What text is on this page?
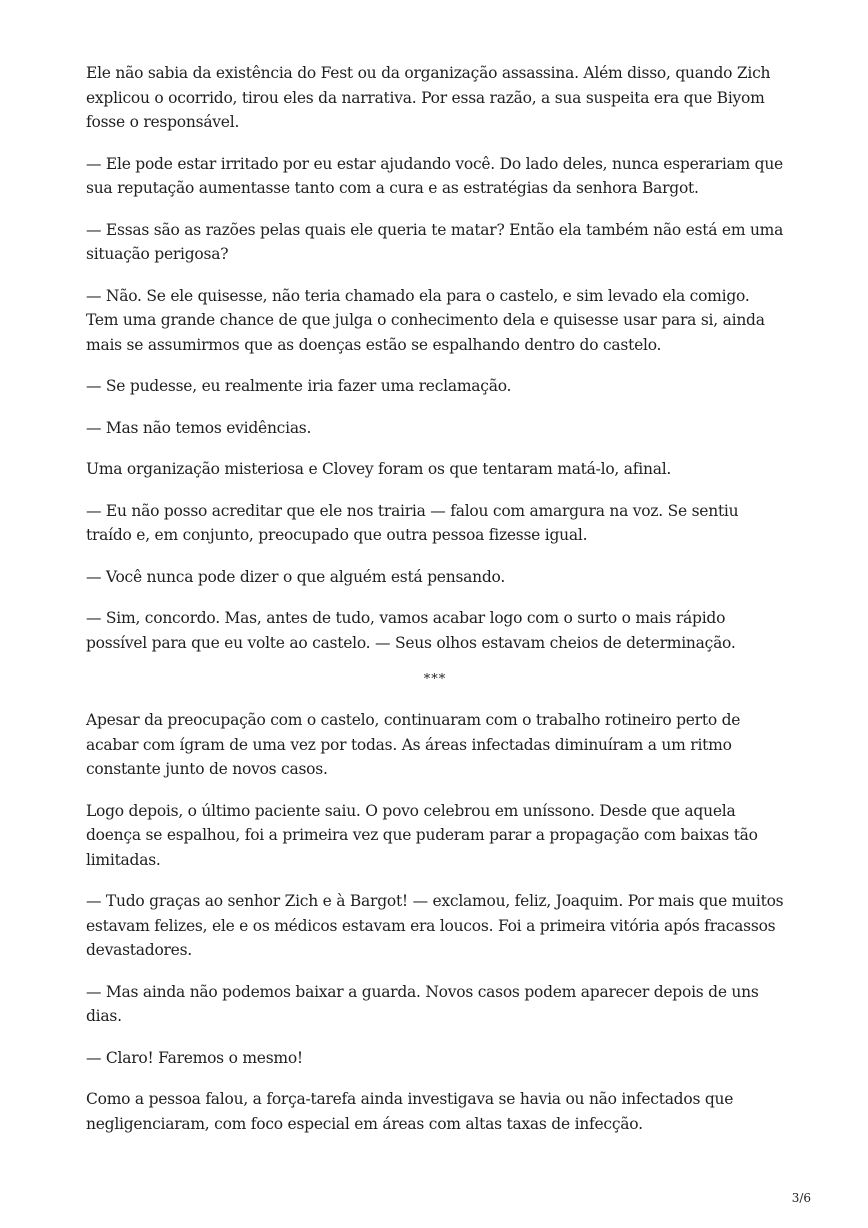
Ele não sabia da existência do Fest ou da organização assassina. Além disso, quando Zich explicou o ocorrido, tirou eles da narrativa. Por essa razão, a sua suspeita era que Biyom fosse o responsável.

— Ele pode estar irritado por eu estar ajudando você. Do lado deles, nunca esperariam que sua reputação aumentasse tanto com a cura e as estratégias da senhora Bargot.

— Essas são as razões pelas quais ele queria te matar? Então ela também não está em uma situação perigosa?

— Não. Se ele quisesse, não teria chamado ela para o castelo, e sim levado ela comigo. Tem uma grande chance de que julga o conhecimento dela e quisesse usar para si, ainda mais se assumirmos que as doenças estão se espalhando dentro do castelo.

— Se pudesse, eu realmente iria fazer uma reclamação.

— Mas não temos evidências.

Uma organização misteriosa e Clovey foram os que tentaram matá-lo, afinal.

— Eu não posso acreditar que ele nos trairia — falou com amargura na voz. Se sentiu traído e, em conjunto, preocupado que outra pessoa fizesse igual.

— Você nunca pode dizer o que alguém está pensando.

— Sim, concordo. Mas, antes de tudo, vamos acabar logo com o surto o mais rápido possível para que eu volte ao castelo. — Seus olhos estavam cheios de determinação.

***

Apesar da preocupação com o castelo, continuaram com o trabalho rotineiro perto de acabar com ígram de uma vez por todas. As áreas infectadas diminuíram a um ritmo constante junto de novos casos.

Logo depois, o último paciente saiu. O povo celebrou em uníssono. Desde que aquela doença se espalhou, foi a primeira vez que puderam parar a propagação com baixas tão limitadas.

— Tudo graças ao senhor Zich e à Bargot! — exclamou, feliz, Joaquim. Por mais que muitos estavam felizes, ele e os médicos estavam era loucos. Foi a primeira vitória após fracassos devastadores.

— Mas ainda não podemos baixar a guarda. Novos casos podem aparecer depois de uns dias.

— Claro! Faremos o mesmo!

Como a pessoa falou, a força-tarefa ainda investigava se havia ou não infectados que negligenciaram, com foco especial em áreas com altas taxas de infecção.

3/6
